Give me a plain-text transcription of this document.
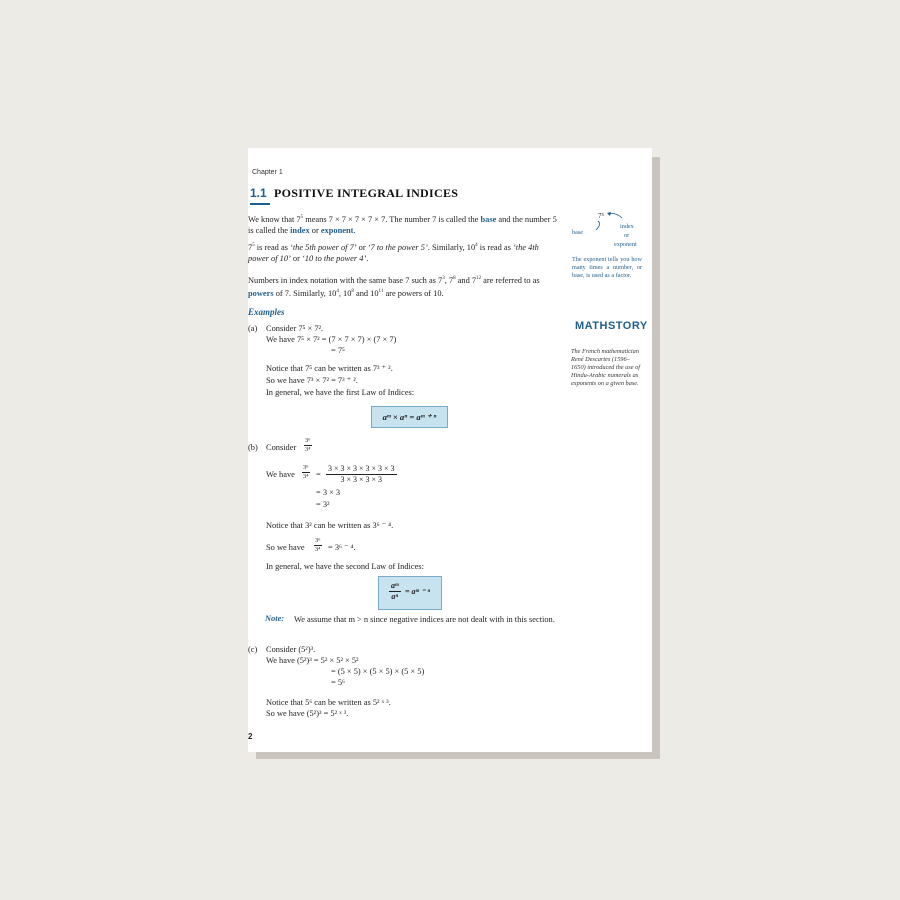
Chapter 1
1.1 POSITIVE INTEGRAL INDICES
We know that $7^5$ means 7 × 7 × 7 × 7 × 7. The number 7 is called the base and the number 5 is called the index or exponent.
$7^5$ is read as ‘the 5th power of 7’ or ‘7 to the power 5’. Similarly, $10^4$ is read as ‘the 4th power of 10’ or ‘10 to the power 4’.
Numbers in index notation with the same base 7 such as $7^3$, $7^8$ and $7^{12}$ are referred to as powers of 7. Similarly, $10^4$, $10^8$ and $10^{11}$ are powers of 10.
Examples
(a) Consider 7⁵ × 7².
We have 7⁵ × 7² = (7 × 7 × 7) × (7 × 7)
= 7⁵
Notice that 7⁵ can be written as 7³ ⁺ ².
So we have 7³ × 7² = 7³ ⁺ ².
In general, we have the first Law of Indices:
aᵐ × aⁿ = aᵐ ⁺ ⁿ
(b) Consider
3⁶
3⁴
We have
3⁶
3⁴ =
3 × 3 × 3 × 3 × 3 × 3
3 × 3 × 3 × 3
= 3 × 3
= 3²
Notice that 3² can be written as 3⁶ ⁻ ⁴.
So we have
3⁶
3⁴ = 3⁶ ⁻ ⁴.
In general, we have the second Law of Indices:
aᵐ
aⁿ
= aᵐ ⁻ ⁿ
Note: We assume that m > n since negative indices are not dealt with in this section.
(c) Consider (5²)³.
We have (5²)³ = 5² × 5² × 5²
= (5 × 5) × (5 × 5) × (5 × 5)
= 5⁶
Notice that 5⁶ can be written as 5² ˣ ³.
So we have (5²)³ = 5² ˣ ³.
7⁵
base
index
or
exponent
The exponent tells you how many times a number, or base, is used as a factor.
MATHSTORY
The French mathematician René Descartes (1596–1650) introduced the use of Hindu-Arabic numerals as exponents on a given base.
2
